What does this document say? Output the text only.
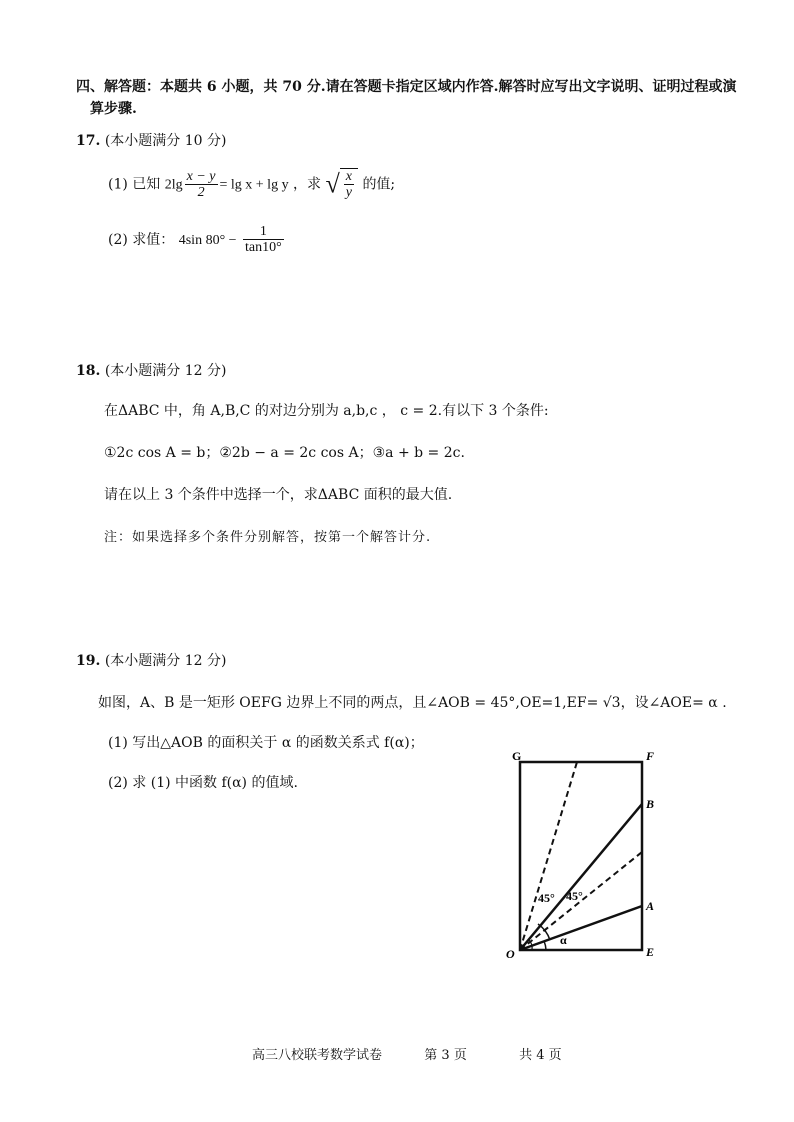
四、解答题：本题共 6 小题，共 70 分.请在答题卡指定区域内作答.解答时应写出文字说明、证明过程或演
算步骤.
17. (本小题满分 10 分)
(1) 已知 $2\lg \frac{x - y}{2} = \lg x + \lg y$ ，求 √ $\frac{x}{y}$ 的值;
(2) 求值： 4sin $80^\circ - \frac{1}{\tan 10^\circ}$
18. (本小题满分 12 分)
在ΔABC 中，角 A,B,C 的对边分别为 a,b,c ， c = 2.有以下 3 个条件:
①2c cos A = b；②2b − a = 2c cos A；③a + b = 2c.
请在以上 3 个条件中选择一个，求ΔABC 面积的最大值.
注：如果选择多个条件分别解答，按第一个解答计分.
19. (本小题满分 12 分)
如图，A、B 是一矩形 OEFG 边界上不同的两点，且∠AOB = 45°,OE=1,EF= √3，设∠AOE= α .
(1) 写出△AOB 的面积关于 α 的函数关系式 f(α)；
(2) 求 (1) 中函数 f(α) 的值域.
G	F
B
A
O	E
45° 45°
α
高三八校联考数学试卷	第 3 页	共 4 页
